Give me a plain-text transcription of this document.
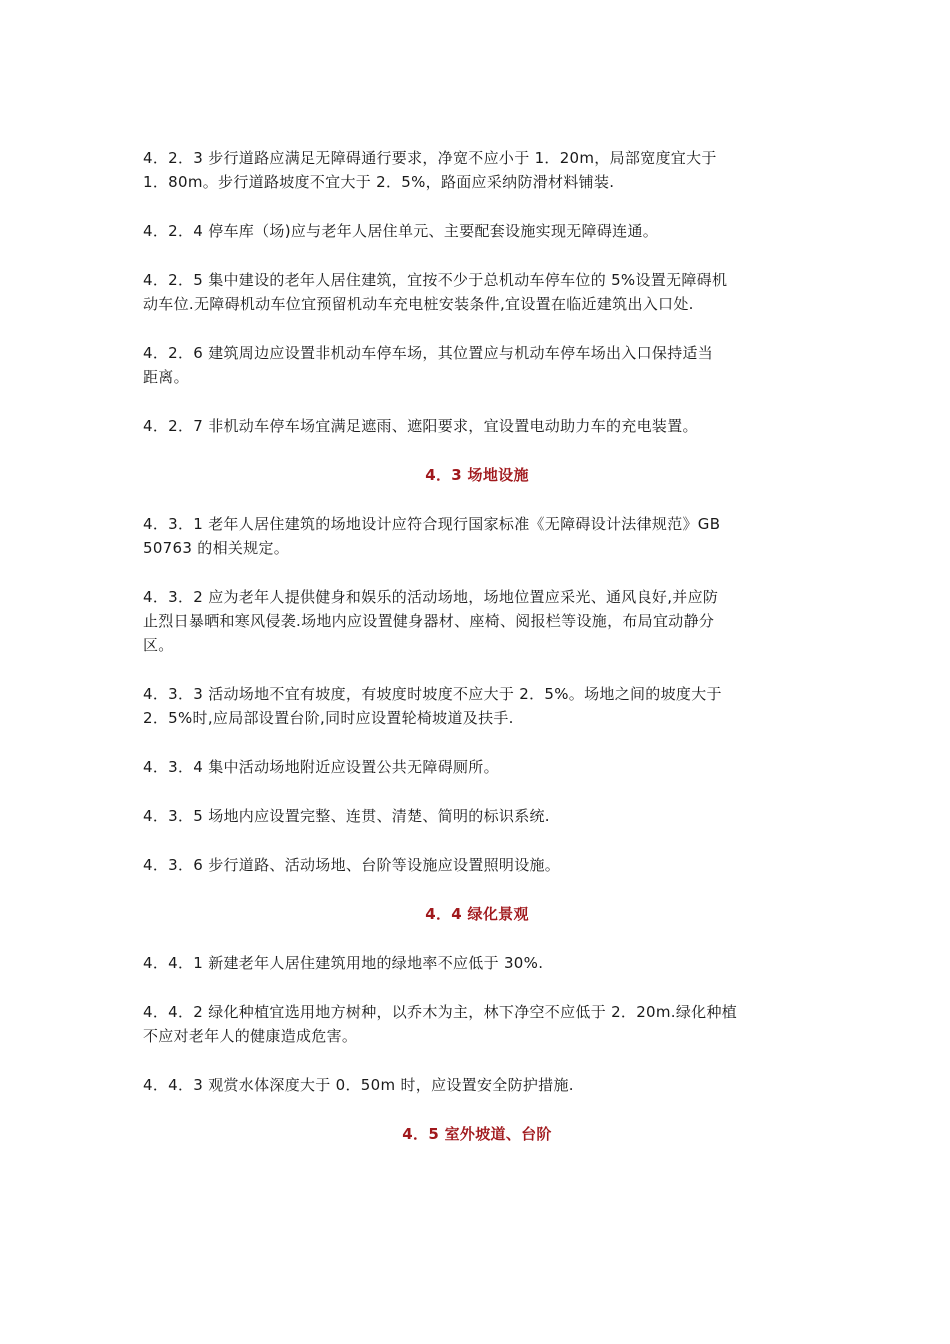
4．2．3 步行道路应满足无障碍通行要求，净宽不应小于 1．20m，局部宽度宜大于

1．80m。步行道路坡度不宜大于 2．5%，路面应采纳防滑材料铺装.

4．2．4 停车库（场)应与老年人居住单元、主要配套设施实现无障碍连通。

4．2．5 集中建设的老年人居住建筑，宜按不少于总机动车停车位的 5%设置无障碍机

动车位.无障碍机动车位宜预留机动车充电桩安装条件,宜设置在临近建筑出入口处.

4．2．6 建筑周边应设置非机动车停车场，其位置应与机动车停车场出入口保持适当

距离。

4．2．7 非机动车停车场宜满足遮雨、遮阳要求，宜设置电动助力车的充电装置。

4．3 场地设施

4．3．1 老年人居住建筑的场地设计应符合现行国家标准《无障碍设计法律规范》GB

50763 的相关规定。

4．3．2 应为老年人提供健身和娱乐的活动场地，场地位置应采光、通风良好,并应防

止烈日暴晒和寒风侵袭.场地内应设置健身器材、座椅、阅报栏等设施，布局宜动静分

区。

4．3．3 活动场地不宜有坡度，有坡度时坡度不应大于 2．5%。场地之间的坡度大于

2．5%时,应局部设置台阶,同时应设置轮椅坡道及扶手.

4．3．4 集中活动场地附近应设置公共无障碍厕所。

4．3．5 场地内应设置完整、连贯、清楚、简明的标识系统.

4．3．6 步行道路、活动场地、台阶等设施应设置照明设施。

4．4 绿化景观

4．4．1 新建老年人居住建筑用地的绿地率不应低于 30%.

4．4．2 绿化种植宜选用地方树种，以乔木为主，林下净空不应低于 2．20m.绿化种植

不应对老年人的健康造成危害。

4．4．3 观赏水体深度大于 0．50m 时，应设置安全防护措施.

4．5 室外坡道、台阶
